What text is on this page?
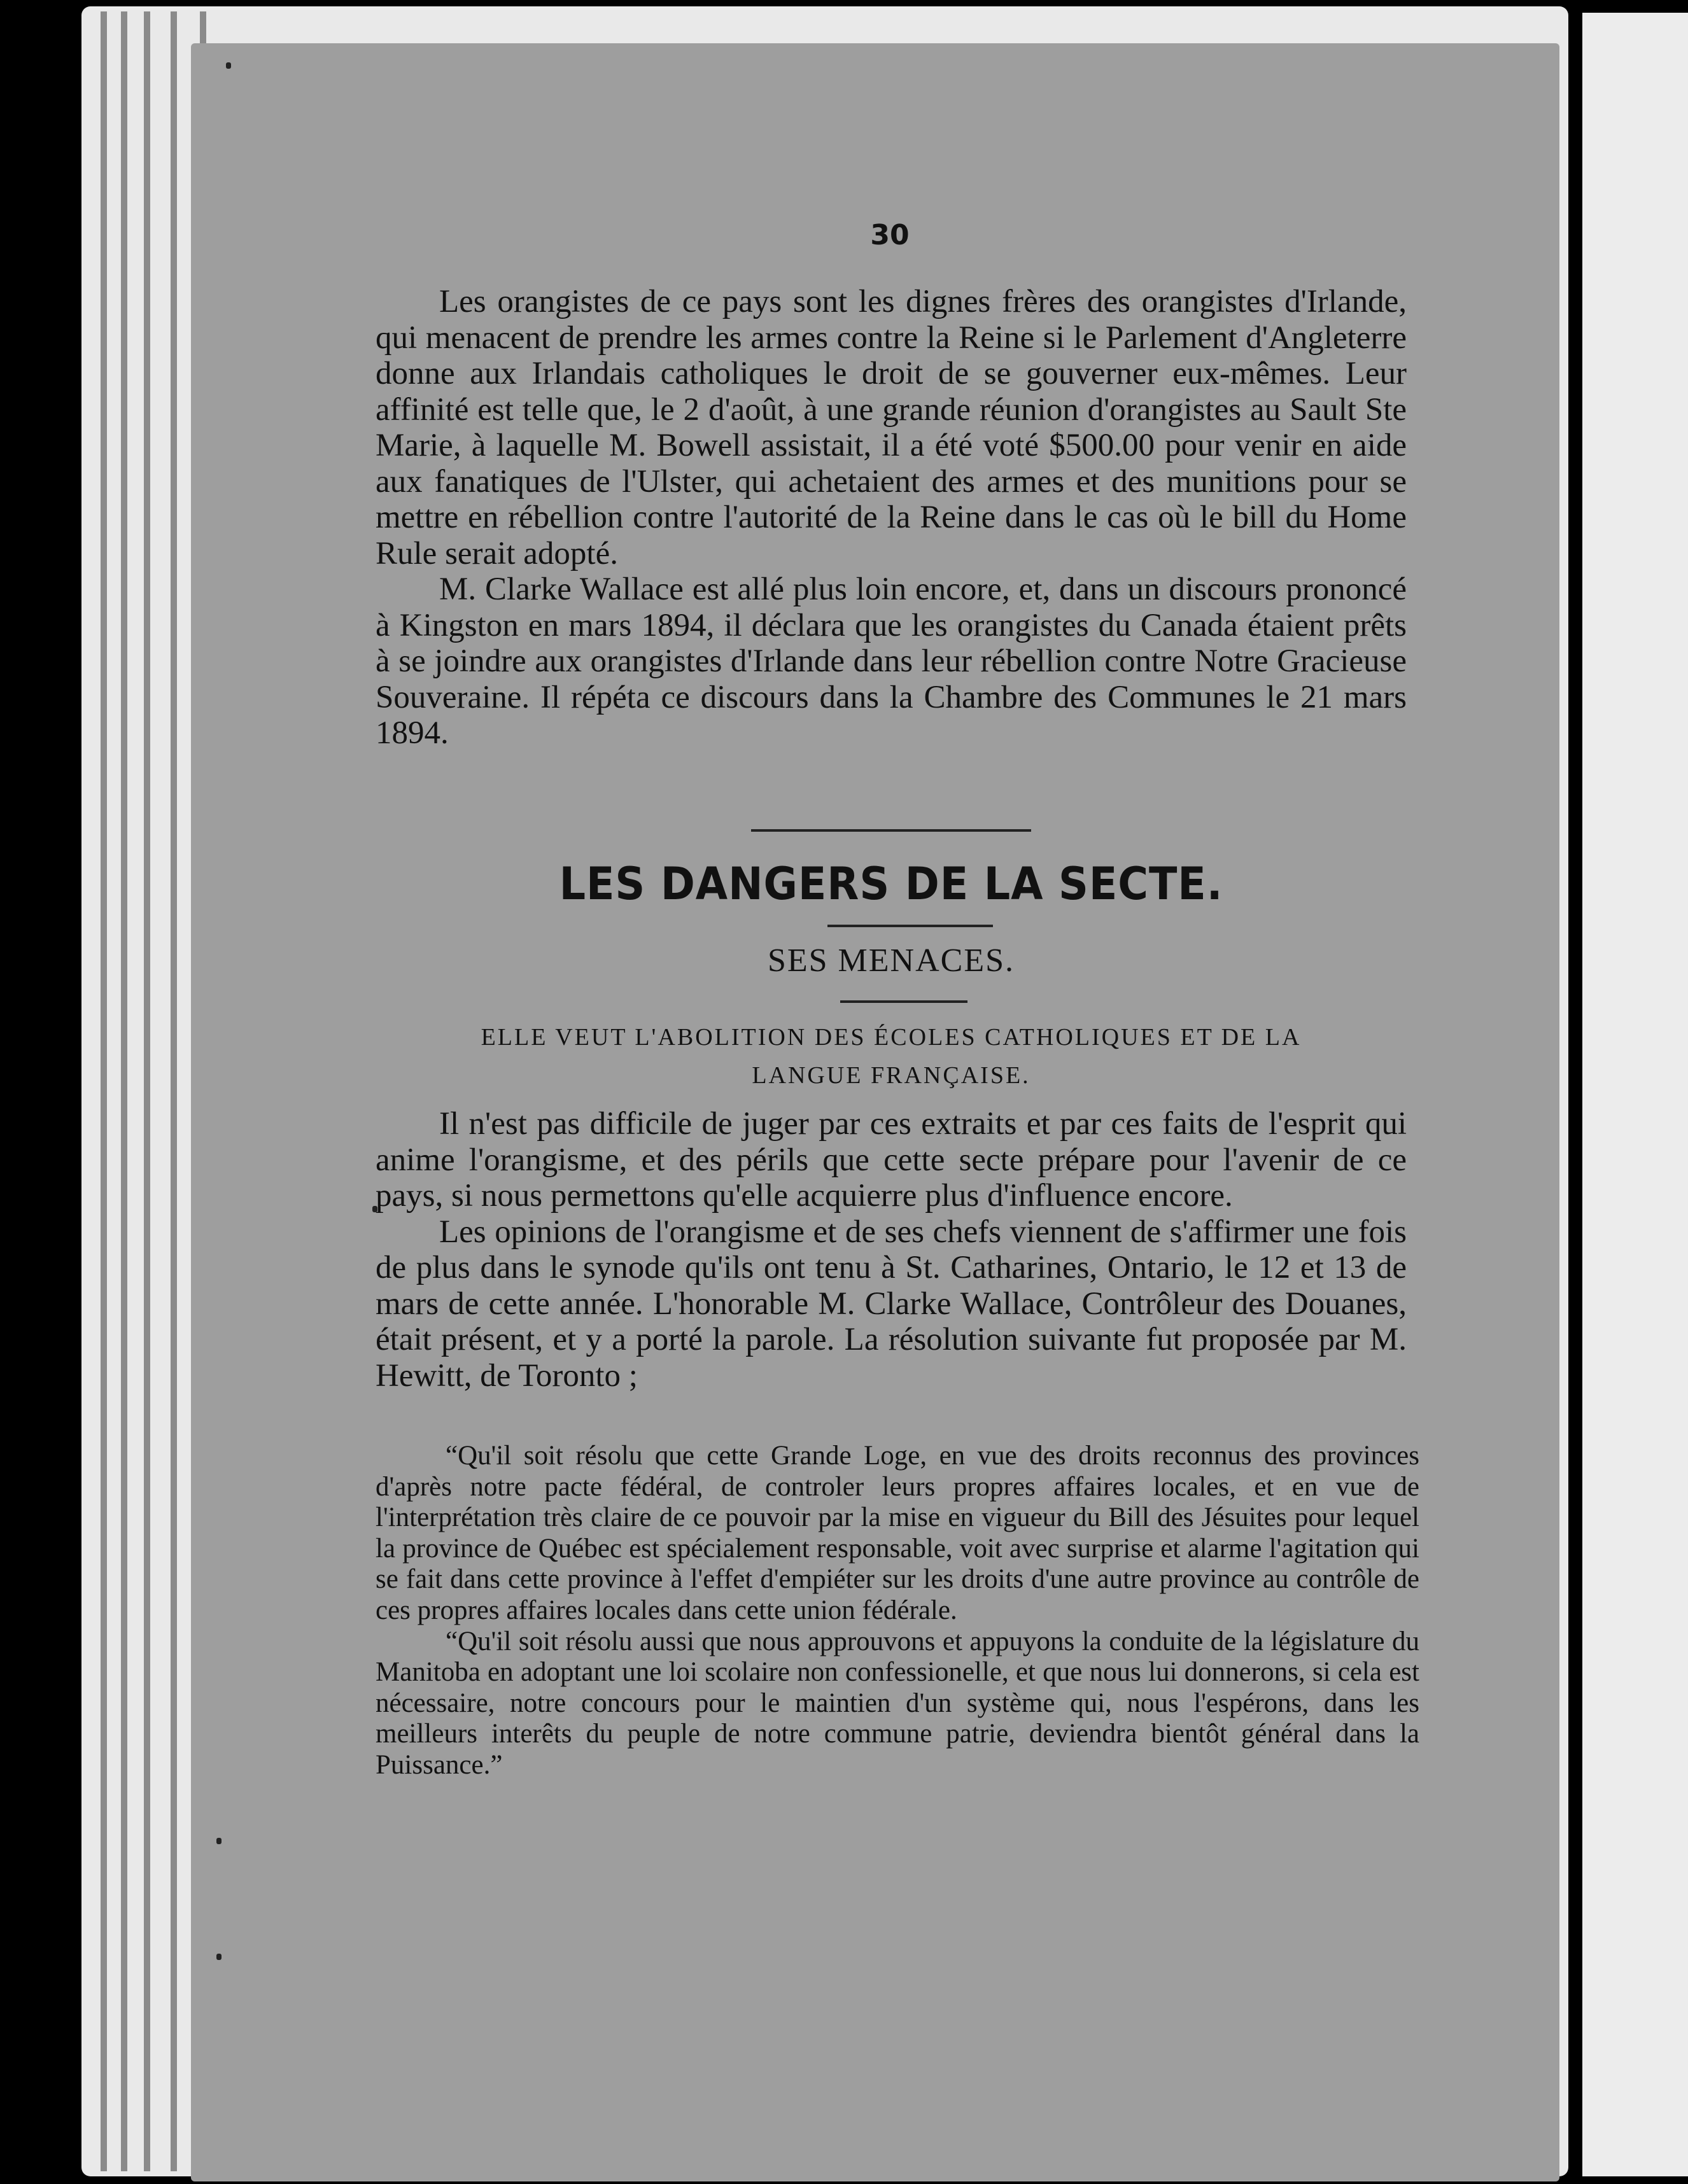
30

Les orangistes de ce pays sont les dignes frères des orangistes d'Irlande, qui menacent de prendre les armes contre la Reine si le Parlement d'Angleterre donne aux Irlandais catholiques le droit de se gouverner eux-mêmes. Leur affinité est telle que, le 2 d'août, à une grande réunion d'orangistes au Sault Ste Marie, à laquelle M. Bowell assistait, il a été voté $500.00 pour venir en aide aux fanatiques de l'Ulster, qui achetaient des armes et des munitions pour se mettre en rébellion contre l'autorité de la Reine dans le cas où le bill du Home Rule serait adopté.

M. Clarke Wallace est allé plus loin encore, et, dans un discours prononcé à Kingston en mars 1894, il déclara que les orangistes du Canada étaient prêts à se joindre aux orangistes d'Irlande dans leur rébellion contre Notre Gracieuse Souveraine. Il répéta ce discours dans la Chambre des Communes le 21 mars 1894.

LES DANGERS DE LA SECTE.
SES MENACES.
ELLE VEUT L'ABOLITION DES ÉCOLES CATHOLIQUES ET DE LA
LANGUE FRANÇAISE.

Il n'est pas difficile de juger par ces extraits et par ces faits de l'esprit qui anime l'orangisme, et des périls que cette secte prépare pour l'avenir de ce pays, si nous permettons qu'elle acquierre plus d'influence encore.

Les opinions de l'orangisme et de ses chefs viennent de s'affirmer une fois de plus dans le synode qu'ils ont tenu à St. Catharines, Ontario, le 12 et 13 de mars de cette année. L'honorable M. Clarke Wallace, Contrôleur des Douanes, était présent, et y a porté la parole. La résolution suivante fut proposée par M. Hewitt, de Toronto ;

“Qu'il soit résolu que cette Grande Loge, en vue des droits reconnus des provinces d'après notre pacte fédéral, de controler leurs propres affaires locales, et en vue de l'interprétation très claire de ce pouvoir par la mise en vigueur du Bill des Jésuites pour lequel la province de Québec est spécialement responsable, voit avec surprise et alarme l'agitation qui se fait dans cette province à l'effet d'empiéter sur les droits d'une autre province au contrôle de ces propres affaires locales dans cette union fédérale.

“Qu'il soit résolu aussi que nous approuvons et appuyons la conduite de la législature du Manitoba en adoptant une loi scolaire non confessionelle, et que nous lui donnerons, si cela est nécessaire, notre concours pour le maintien d'un système qui, nous l'espérons, dans les meilleurs interêts du peuple de notre commune patrie, deviendra bientôt général dans la Puissance.”
